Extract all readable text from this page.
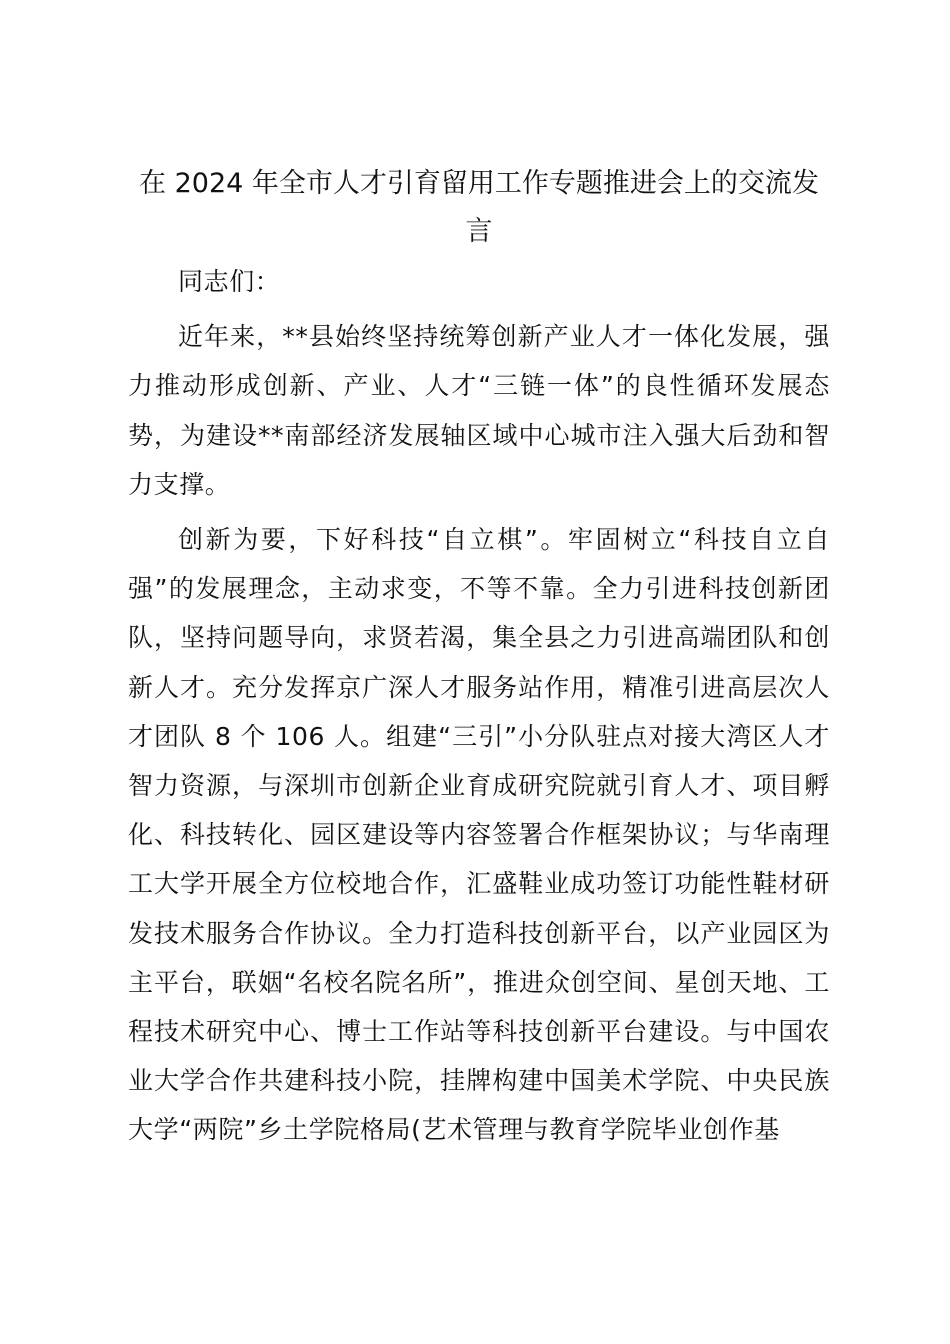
在 2024 年全市人才引育留用工作专题推进会上的交流发言

同志们：

近年来，**县始终坚持统筹创新产业人才一体化发展，强力推动形成创新、产业、人才“三链一体”的良性循环发展态势，为建设**南部经济发展轴区域中心城市注入强大后劲和智力支撑。

创新为要，下好科技“自立棋”。牢固树立“科技自立自强”的发展理念，主动求变，不等不靠。全力引进科技创新团队，坚持问题导向，求贤若渴，集全县之力引进高端团队和创新人才。充分发挥京广深人才服务站作用，精准引进高层次人才团队 8 个 106 人。组建“三引”小分队驻点对接大湾区人才智力资源，与深圳市创新企业育成研究院就引育人才、项目孵化、科技转化、园区建设等内容签署合作框架协议；与华南理工大学开展全方位校地合作，汇盛鞋业成功签订功能性鞋材研发技术服务合作协议。全力打造科技创新平台，以产业园区为主平台，联姻“名校名院名所”，推进众创空间、星创天地、工程技术研究中心、博士工作站等科技创新平台建设。与中国农业大学合作共建科技小院，挂牌构建中国美术学院、中央民族大学“两院”乡土学院格局(艺术管理与教育学院毕业创作基
